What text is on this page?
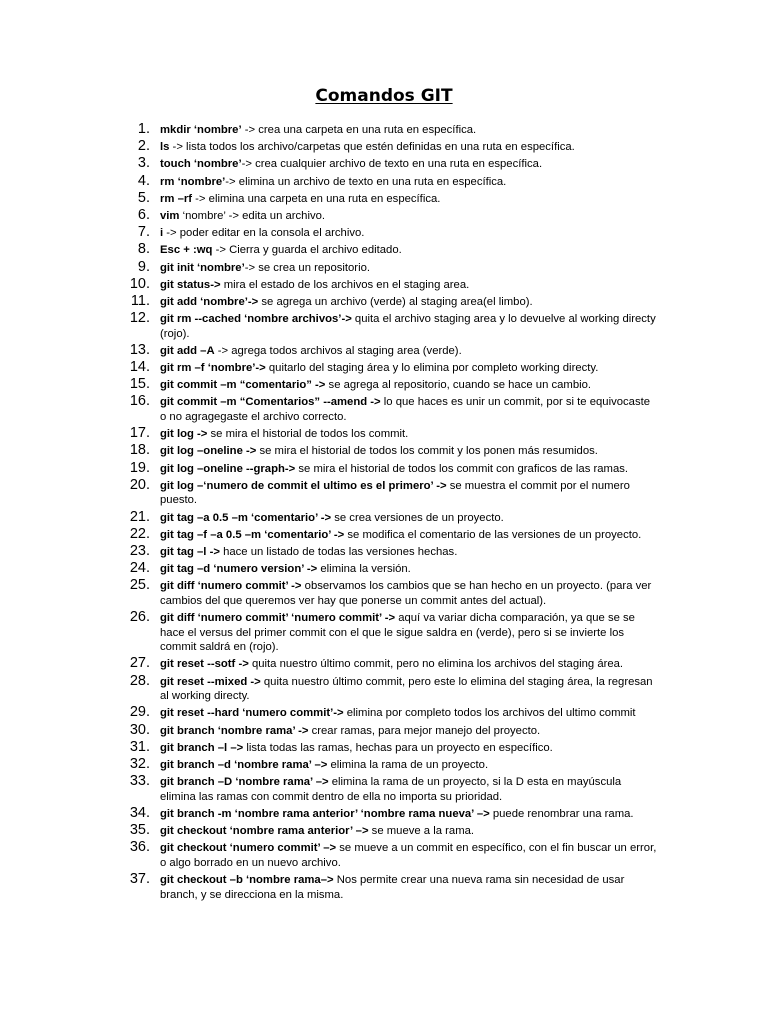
Comandos GIT
1. mkdir ‘nombre’ -> crea una carpeta en una ruta en específica.
2. ls -> lista todos los archivo/carpetas que estén definidas en una ruta en específica.
3. touch ‘nombre’-> crea cualquier archivo de texto en una ruta en específica.
4. rm ‘nombre’-> elimina un archivo de texto en una ruta en específica.
5. rm –rf -> elimina una carpeta en una ruta en específica.
6. vim ‘nombre’ -> edita un archivo.
7. i -> poder editar en la consola el archivo.
8. Esc + :wq -> Cierra y guarda el archivo editado.
9. git init ‘nombre’-> se crea un repositorio.
10. git status-> mira el estado de los archivos en el staging area.
11. git add ‘nombre’-> se agrega un archivo (verde) al staging area(el limbo).
12. git rm --cached ‘nombre archivos’-> quita el archivo staging area y lo devuelve al working directy (rojo).
13. git add –A -> agrega todos archivos al staging area (verde).
14. git rm –f ‘nombre’-> quitarlo del staging área y lo elimina por completo working directy.
15. git commit –m “comentario” -> se agrega al repositorio, cuando se hace un cambio.
16. git commit –m “Comentarios” --amend -> lo que haces es unir un commit, por si te equivocaste o no agragegaste el archivo correcto.
17. git log -> se mira el historial de todos los commit.
18. git log –oneline -> se mira el historial de todos los commit y los ponen más resumidos.
19. git log –oneline --graph-> se mira el historial de todos los commit con graficos de las ramas.
20. git log –‘numero de commit el ultimo es el primero’ -> se muestra el commit por el numero puesto.
21. git tag –a 0.5 –m ‘comentario’ -> se crea versiones de un proyecto.
22. git tag –f –a 0.5 –m ‘comentario’ -> se modifica el comentario de las versiones de un proyecto.
23. git tag –l -> hace un listado de todas las versiones hechas.
24. git tag –d ‘numero version’ -> elimina la versión.
25. git diff ‘numero commit’ -> observamos los cambios que se han hecho en un proyecto. (para ver cambios del que queremos ver hay que ponerse un commit antes del actual).
26. git diff ‘numero commit’ ‘numero commit’ -> aquí va variar dicha comparación, ya que se se hace el versus del primer commit con el que le sigue saldra en (verde), pero si se invierte los commit saldrá en (rojo).
27. git reset --sotf -> quita nuestro último commit, pero no elimina los archivos del staging área.
28. git reset --mixed -> quita nuestro último commit, pero este lo elimina del staging área, la regresan al working directy.
29. git reset --hard ‘numero commit’-> elimina por completo todos los archivos del ultimo commit
30. git branch ‘nombre rama’ -> crear ramas, para mejor manejo del proyecto.
31. git branch –l –> lista todas las ramas, hechas para un proyecto en específico.
32. git branch –d ‘nombre rama’ –> elimina la rama de un proyecto.
33. git branch –D ‘nombre rama’ –> elimina la rama de un proyecto, si la D esta en mayúscula elimina las ramas con commit dentro de ella no importa su prioridad.
34. git branch -m ‘nombre rama anterior’ ‘nombre rama nueva’ –> puede renombrar una rama.
35. git checkout ‘nombre rama anterior’ –> se mueve a la rama.
36. git checkout ‘numero commit’ –> se mueve a un commit en específico, con el fin buscar un error, o algo borrado en un nuevo archivo.
37. git checkout –b ‘nombre rama–> Nos permite crear una nueva rama sin necesidad de usar branch, y se direcciona en la misma.
